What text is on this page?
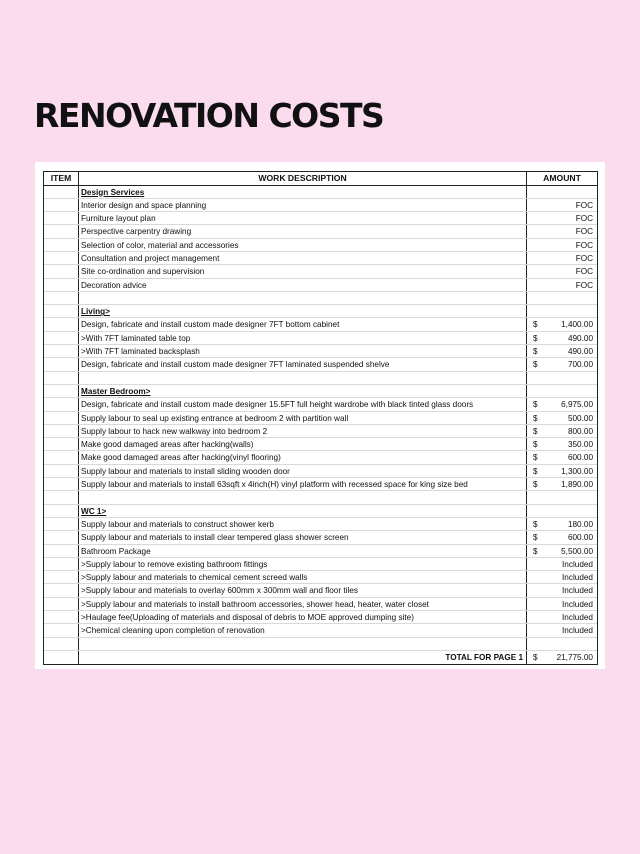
RENOVATION COSTS
ITEM	WORK DESCRIPTION	AMOUNT
Design Services
Interior design and space planning	FOC
Furniture layout plan	FOC
Perspective carpentry drawing	FOC
Selection of color, material and accessories	FOC
Consultation and project management	FOC
Site co-ordination and supervision	FOC
Decoration advice	FOC
Living>
Design, fabricate and install custom made designer 7FT bottom cabinet	$	1,400.00
>With 7FT laminated table top	$	490.00
>With 7FT laminated backsplash	$	490.00
Design, fabricate and install custom made designer 7FT laminated suspended shelve	$	700.00
Master Bedroom>
Design, fabricate and install custom made designer 15.5FT full height wardrobe with black tinted glass doors	$	6,975.00
Supply labour to seal up existing entrance at bedroom 2 with partition wall	$	500.00
Supply labour to hack new walkway into bedroom 2	$	800.00
Make good damaged areas after hacking(walls)	$	350.00
Make good damaged areas after hacking(vinyl flooring)	$	600.00
Supply labour and materials to install sliding wooden door	$	1,300.00
Supply labour and materials to install 63sqft x 4inch(H) vinyl platform with recessed space for king size bed	$	1,890.00
WC 1>
Supply labour and materials to construct shower kerb	$	180.00
Supply labour and materials to install clear tempered glass shower screen	$	600.00
Bathroom Package	$	5,500.00
>Supply labour to remove existing bathroom fittings	Included
>Supply labour and materials to chemical cement screed walls	Included
>Supply labour and materials to overlay 600mm x 300mm wall and floor tiles	Included
>Supply labour and materials to install bathroom accessories, shower head, heater, water closet	Included
>Haulage fee(Uploading of materials and disposal of debris to MOE approved dumping site)	Included
>Chemical cleaning upon completion of renovation	Included
TOTAL FOR PAGE 1	$ 21,775.00
